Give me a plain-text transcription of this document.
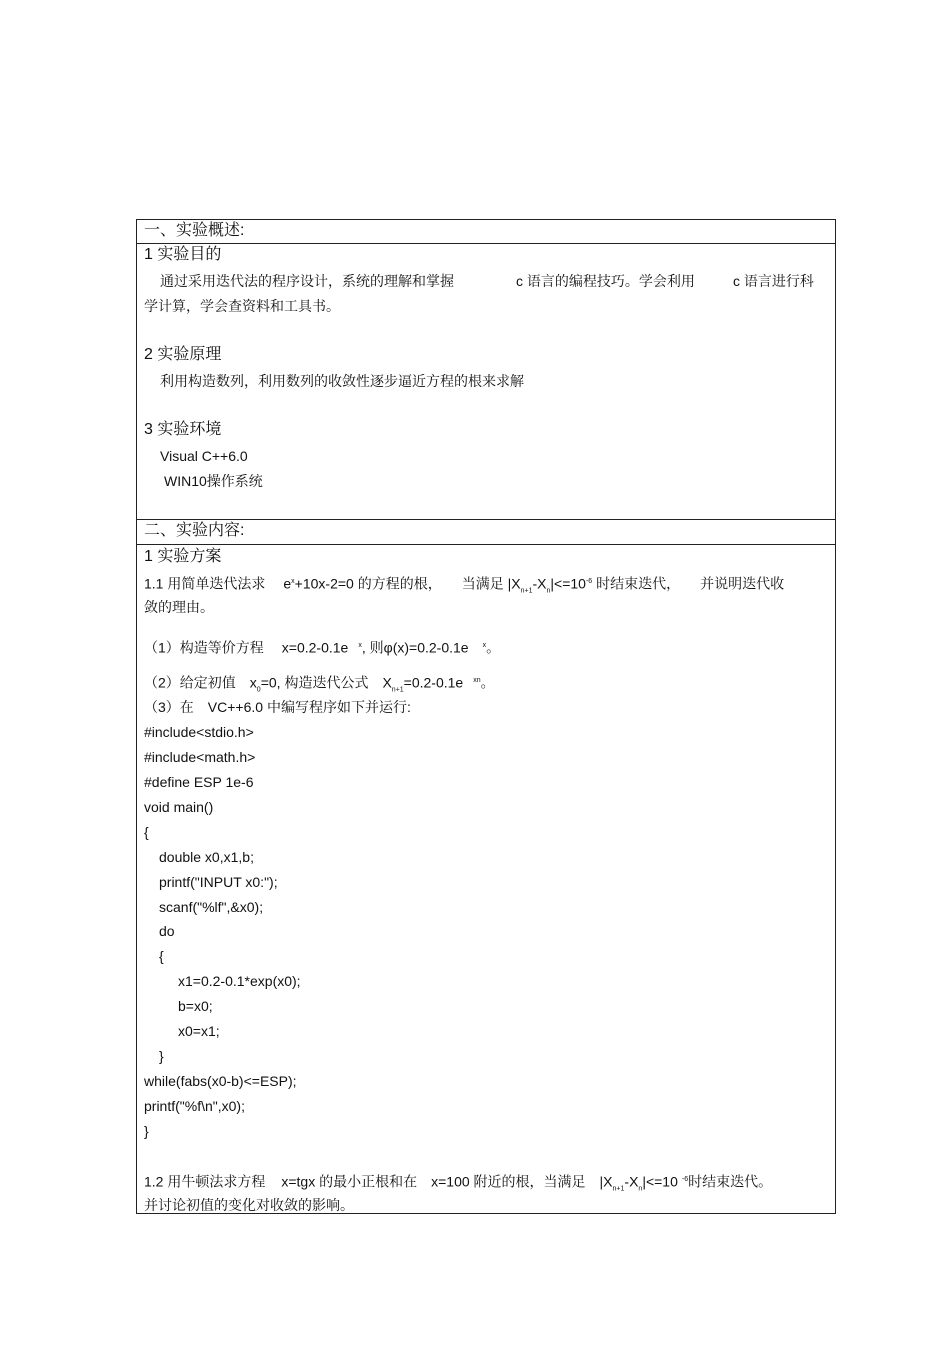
一、实验概述:
1 实验目的
通过采用迭代法的程序设计，系统的理解和掌握	c 语言的编程技巧。学会利用	c 语言进行科
学计算，学会查资料和工具书。
2 实验原理
利用构造数列，利用数列的收敛性逐步逼近方程的根来求解
3 实验环境
Visual C++6.0
WIN10操作系统
二、实验内容:
1 实验方案
1.1 用简单迭代法求 $e^x+10x-2=0$ 的方程的根， 当满足 $|X_{n+1}-X_n|<=10^{-6}$ 时结束迭代， 并说明迭代收
敛的理由。
（1）构造等价方程 x=0.2-0.1e $^x$, 则φ(x)=0.2-0.1e $^x$。
（2）给定初值 $x_0=0$, 构造迭代公式 $X_{n+1}=0.2-0.1e$ $^{xn}$。
（3）在 VC++6.0 中编写程序如下并运行:
#include<stdio.h>
#include<math.h>
#define ESP 1e-6
void main()
{
double x0,x1,b;
printf("INPUT x0:");
scanf("%lf",&x0);
do
{
x1=0.2-0.1*exp(x0);
b=x0;
x0=x1;
}
while(fabs(x0-b)<=ESP);
printf("%f\n",x0);
}
1.2 用牛顿法求方程 x=tgx 的最小正根和在 x=100 附近的根，当满足 $|X_{n+1}-X_n|<=10$ $^{-6}$时结束迭代。
并讨论初值的变化对收敛的影响。
